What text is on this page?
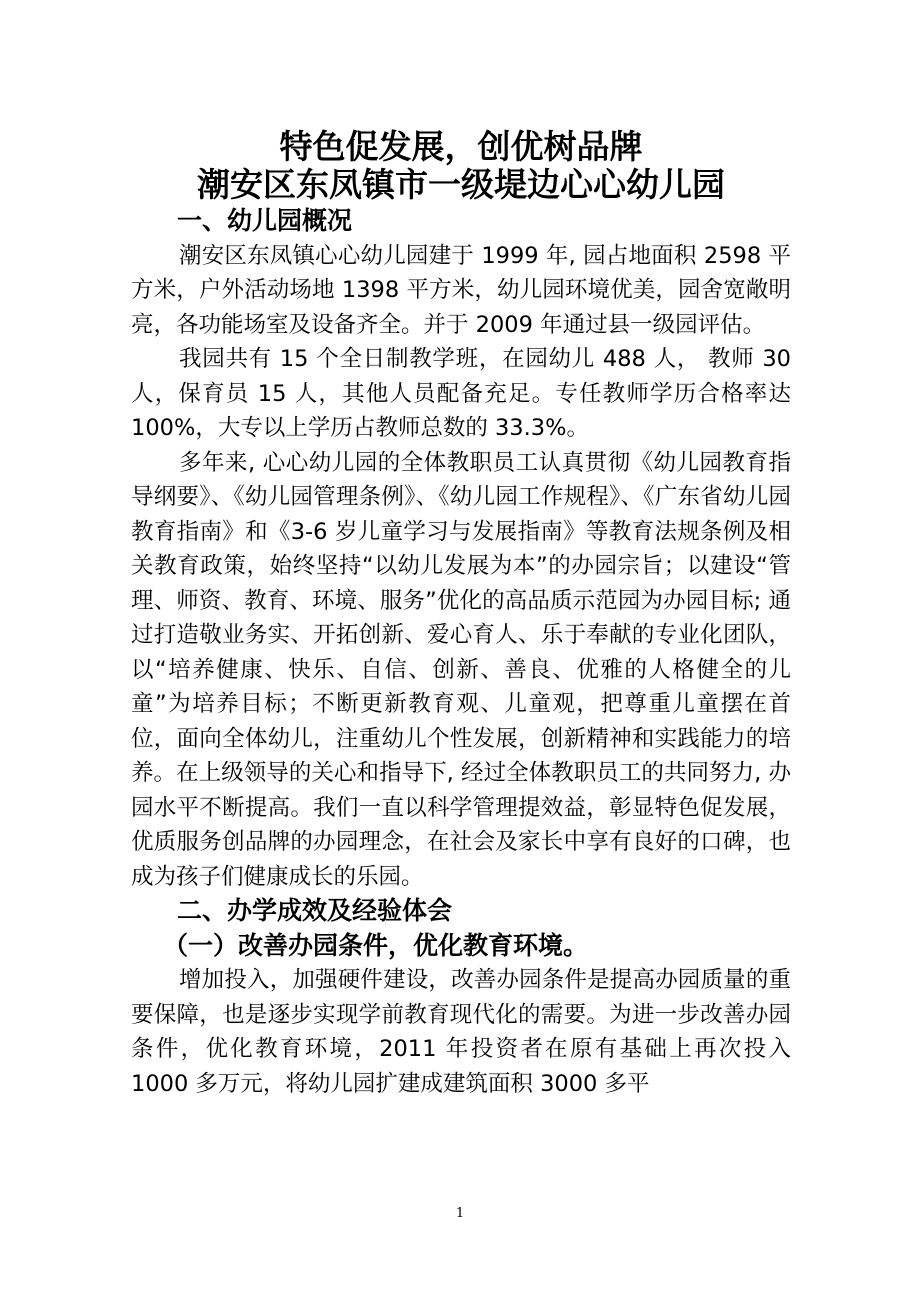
特色促发展，创优树品牌
潮安区东凤镇市一级堤边心心幼儿园
一、幼儿园概况

潮安区东凤镇心心幼儿园建于 1999 年, 园占地面积 2598 平方米，户外活动场地 1398 平方米，幼儿园环境优美，园舍宽敞明亮，各功能场室及设备齐全。并于 2009 年通过县一级园评估。

我园共有 15 个全日制教学班，在园幼儿 488 人， 教师 30 人，保育员 15 人，其他人员配备充足。专任教师学历合格率达 100%，大专以上学历占教师总数的 33.3%。

多年来, 心心幼儿园的全体教职员工认真贯彻《幼儿园教育指导纲要》、《幼儿园管理条例》、《幼儿园工作规程》、《广东省幼儿园教育指南》和《3-6 岁儿童学习与发展指南》等教育法规条例及相关教育政策，始终坚持“以幼儿发展为本”的办园宗旨；以建设“管理、师资、教育、环境、服务”优化的高品质示范园为办园目标; 通过打造敬业务实、开拓创新、爱心育人、乐于奉献的专业化团队，以“培养健康、快乐、自信、创新、善良、优雅的人格健全的儿童”为培养目标；不断更新教育观、儿童观，把尊重儿童摆在首位，面向全体幼儿，注重幼儿个性发展，创新精神和实践能力的培养。在上级领导的关心和指导下, 经过全体教职员工的共同努力, 办园水平不断提高。我们一直以科学管理提效益，彰显特色促发展，优质服务创品牌的办园理念，在社会及家长中享有良好的口碑，也成为孩子们健康成长的乐园。

二、办学成效及经验体会
（一）改善办园条件，优化教育环境。

增加投入，加强硬件建设，改善办园条件是提高办园质量的重要保障，也是逐步实现学前教育现代化的需要。为进一步改善办园条件，优化教育环境，2011 年投资者在原有基础上再次投入 1000 多万元，将幼儿园扩建成建筑面积 3000 多平

1
